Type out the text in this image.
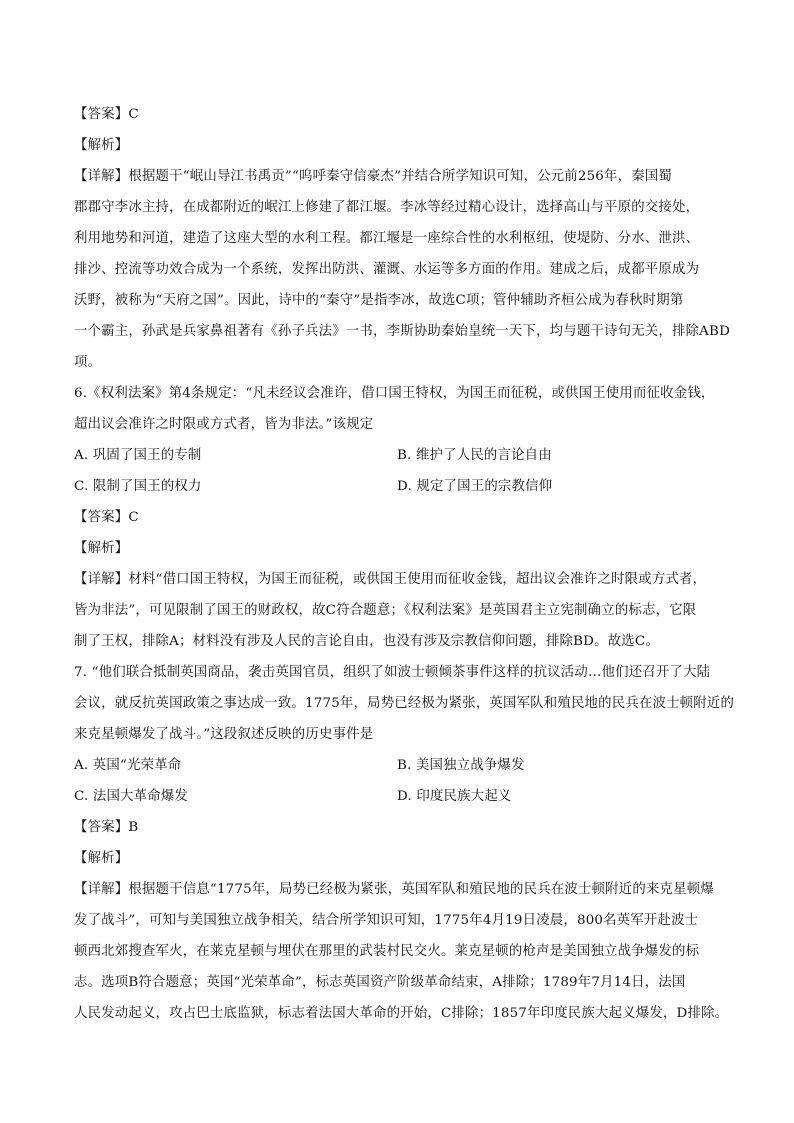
【答案】C
【解析】
【详解】根据题干“岷山导江书禹贡”“呜呼秦守信豪杰”并结合所学知识可知，公元前256年，秦国蜀
郡郡守李冰主持，在成都附近的岷江上修建了都江堰。李冰等经过精心设计，选择高山与平原的交接处，
利用地势和河道，建造了这座大型的水利工程。都江堰是一座综合性的水利枢纽，使堤防、分水、泄洪、
排沙、控流等功效合成为一个系统，发挥出防洪、灌溉、水运等多方面的作用。建成之后，成都平原成为
沃野，被称为“天府之国”。因此，诗中的“秦守”是指李冰，故选C项；管仲辅助齐桓公成为春秋时期第
一个霸主，孙武是兵家鼻祖著有《孙子兵法》一书，李斯协助秦始皇统一天下，均与题干诗句无关，排除ABD
项。
6.《权利法案》第4条规定：“凡未经议会准许，借口国王特权，为国王而征税，或供国王使用而征收金钱，
超出议会准许之时限或方式者，皆为非法。”该规定
A. 巩固了国王的专制	B. 维护了人民的言论自由
C. 限制了国王的权力	D. 规定了国王的宗教信仰
【答案】C
【解析】
【详解】材料“借口国王特权，为国王而征税，或供国王使用而征收金钱，超出议会准许之时限或方式者，
皆为非法”，可见限制了国王的财政权，故C符合题意；《权利法案》是英国君主立宪制确立的标志，它限
制了王权，排除A；材料没有涉及人民的言论自由，也没有涉及宗教信仰问题，排除BD。故选C。
7. “他们联合抵制英国商品，袭击英国官员，组织了如波士顿倾茶事件这样的抗议活动…他们还召开了大陆
会议，就反抗英国政策之事达成一致。1775年，局势已经极为紧张，英国军队和殖民地的民兵在波士顿附近的
来克星顿爆发了战斗。”这段叙述反映的历史事件是
A. 英国“光荣革命	B. 美国独立战争爆发
C. 法国大革命爆发	D. 印度民族大起义
【答案】B
【解析】
【详解】根据题干信息“1775年，局势已经极为紧张，英国军队和殖民地的民兵在波士顿附近的来克星顿爆
发了战斗”，可知与美国独立战争相关，结合所学知识可知，1775年4月19日凌晨，800名英军开赴波士
顿西北郊搜查军火，在莱克星顿与埋伏在那里的武装村民交火。莱克星顿的枪声是美国独立战争爆发的标
志。选项B符合题意；英国“光荣革命”，标志英国资产阶级革命结束，A排除；1789年7月14日，法国
人民发动起义，攻占巴士底监狱，标志着法国大革命的开始，C排除；1857年印度民族大起义爆发，D排除。
